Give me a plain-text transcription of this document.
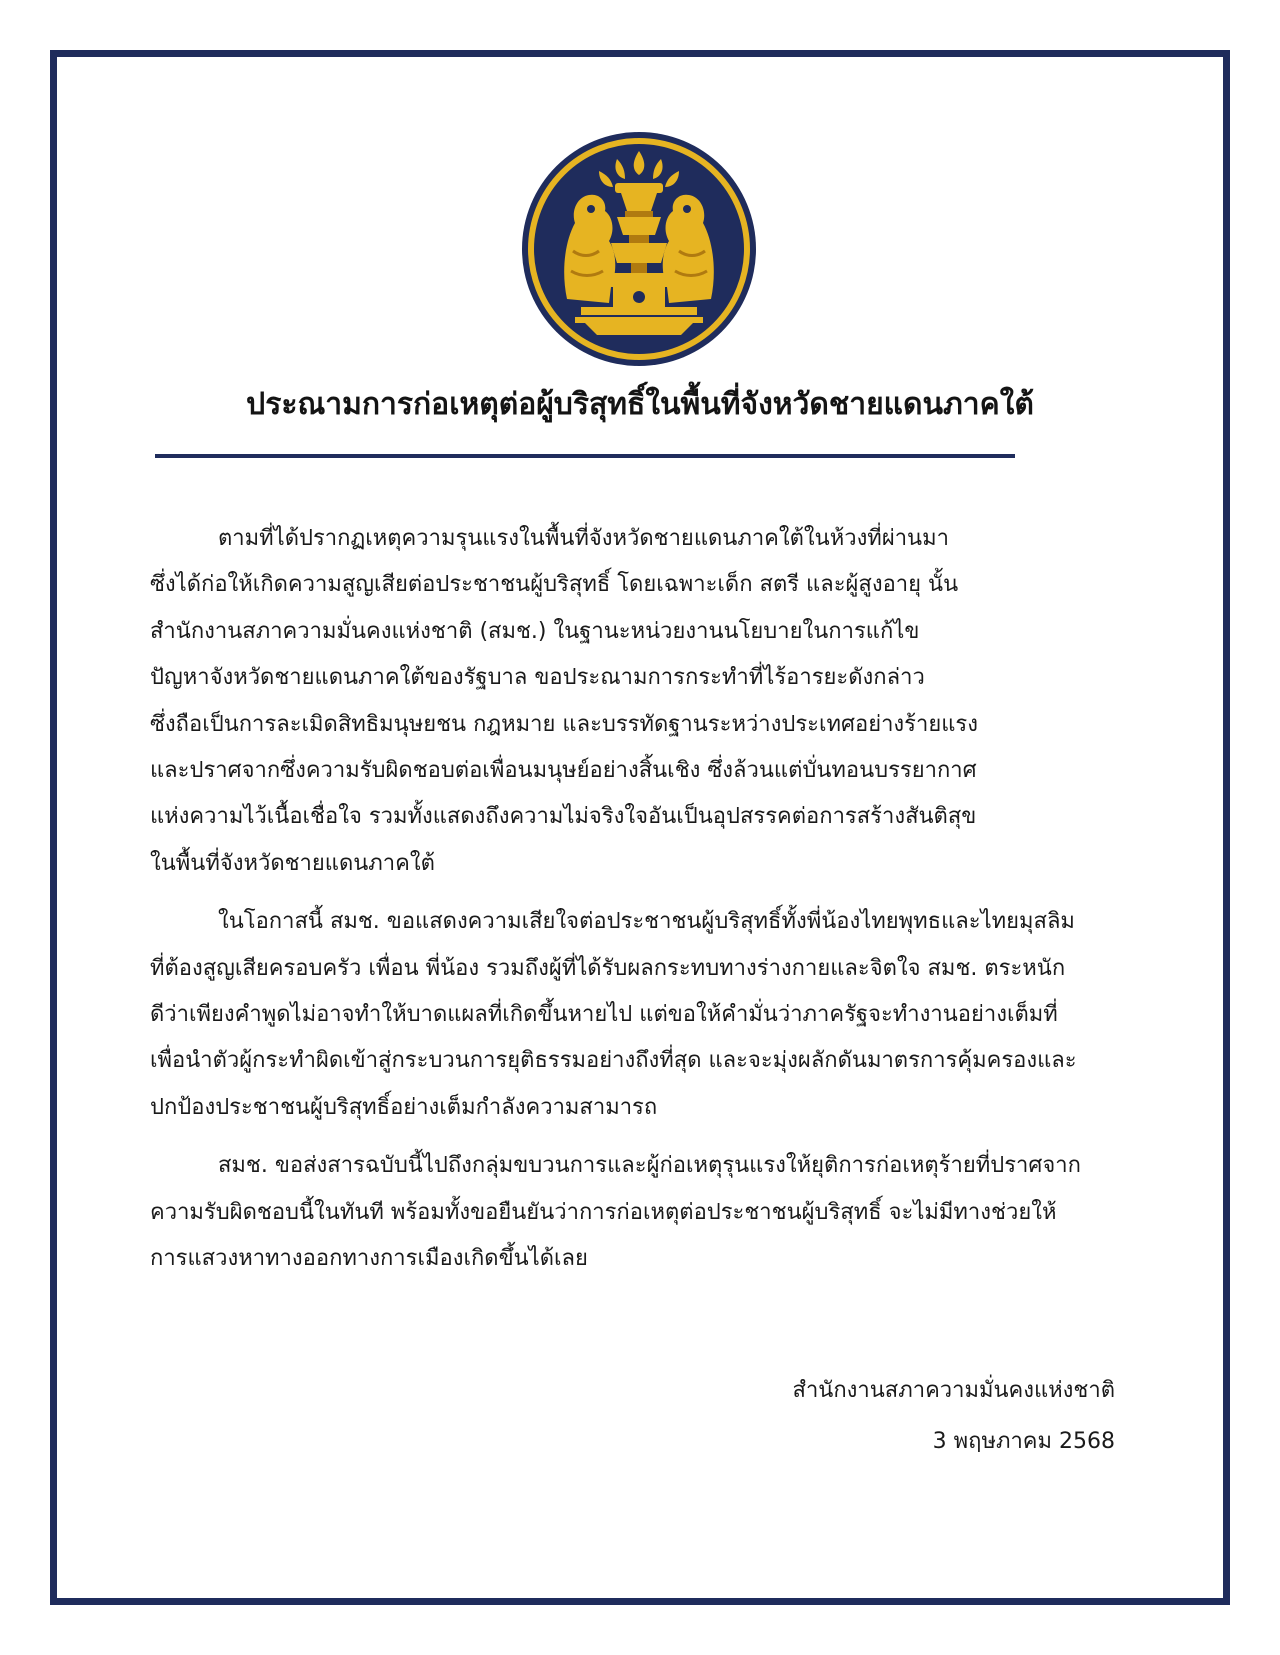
ประณามการก่อเหตุต่อผู้บริสุทธิ์ในพื้นที่จังหวัดชายแดนภาคใต้
ตามที่ได้ปรากฏเหตุความรุนแรงในพื้นที่จังหวัดชายแดนภาคใต้ในห้วงที่ผ่านมา
ซึ่งได้ก่อให้เกิดความสูญเสียต่อประชาชนผู้บริสุทธิ์ โดยเฉพาะเด็ก สตรี และผู้สูงอายุ นั้น
สำนักงานสภาความมั่นคงแห่งชาติ (สมช.) ในฐานะหน่วยงานนโยบายในการแก้ไข
ปัญหาจังหวัดชายแดนภาคใต้ของรัฐบาล ขอประณามการกระทำที่ไร้อารยะดังกล่าว
ซึ่งถือเป็นการละเมิดสิทธิมนุษยชน กฎหมาย และบรรทัดฐานระหว่างประเทศอย่างร้ายแรง
และปราศจากซึ่งความรับผิดชอบต่อเพื่อนมนุษย์อย่างสิ้นเชิง ซึ่งล้วนแต่บั่นทอนบรรยากาศ
แห่งความไว้เนื้อเชื่อใจ รวมทั้งแสดงถึงความไม่จริงใจอันเป็นอุปสรรคต่อการสร้างสันติสุข
ในพื้นที่จังหวัดชายแดนภาคใต้
ในโอกาสนี้ สมช. ขอแสดงความเสียใจต่อประชาชนผู้บริสุทธิ์ทั้งพี่น้องไทยพุทธและไทยมุสลิม
ที่ต้องสูญเสียครอบครัว เพื่อน พี่น้อง รวมถึงผู้ที่ได้รับผลกระทบทางร่างกายและจิตใจ สมช. ตระหนัก
ดีว่าเพียงคำพูดไม่อาจทำให้บาดแผลที่เกิดขึ้นหายไป แต่ขอให้คำมั่นว่าภาครัฐจะทำงานอย่างเต็มที่
เพื่อนำตัวผู้กระทำผิดเข้าสู่กระบวนการยุติธรรมอย่างถึงที่สุด และจะมุ่งผลักดันมาตรการคุ้มครองและ
ปกป้องประชาชนผู้บริสุทธิ์อย่างเต็มกำลังความสามารถ
สมช. ขอส่งสารฉบับนี้ไปถึงกลุ่มขบวนการและผู้ก่อเหตุรุนแรงให้ยุติการก่อเหตุร้ายที่ปราศจาก
ความรับผิดชอบนี้ในทันที พร้อมทั้งขอยืนยันว่าการก่อเหตุต่อประชาชนผู้บริสุทธิ์ จะไม่มีทางช่วยให้
การแสวงหาทางออกทางการเมืองเกิดขึ้นได้เลย
สำนักงานสภาความมั่นคงแห่งชาติ
3 พฤษภาคม 2568
